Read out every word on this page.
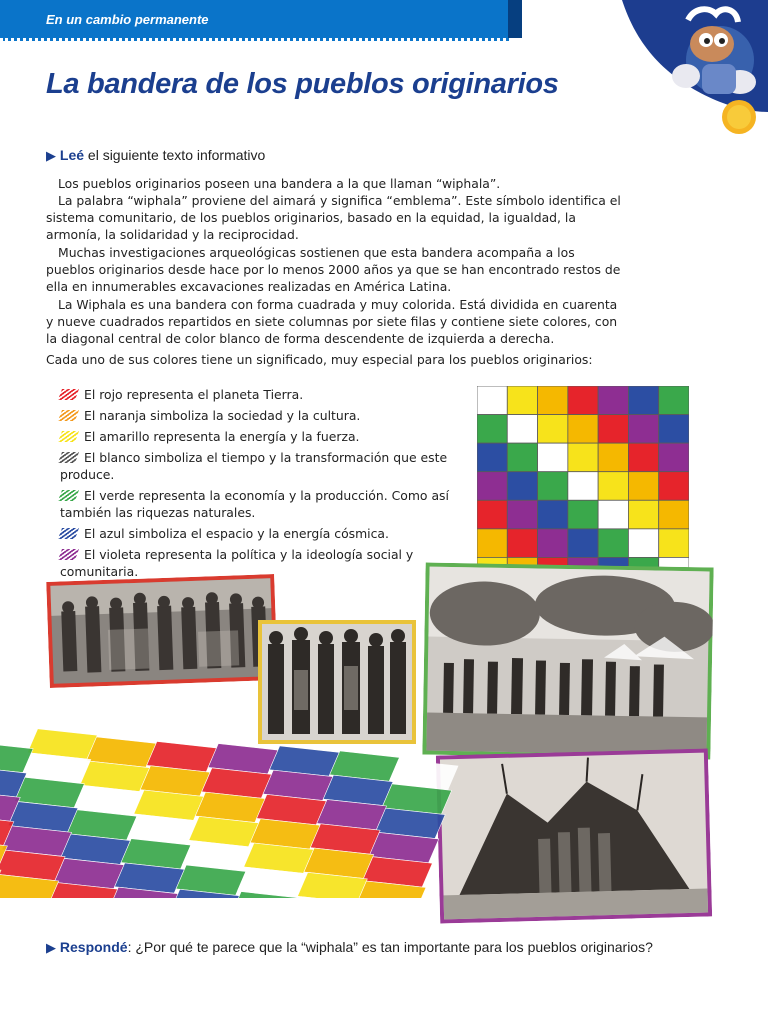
En un cambio permanente
La bandera de los pueblos originarios
▶ Leé el siguiente texto informativo

Los pueblos originarios poseen una bandera a la que llaman “wiphala”.

La palabra “wiphala” proviene del aimará y significa “emblema”. Este símbolo identifica el sistema comunitario, de los pueblos originarios, basado en la equidad, la igualdad, la armonía, la solidaridad y la reciprocidad.

Muchas investigaciones arqueológicas sostienen que esta bandera acompaña a los pueblos originarios desde hace por lo menos 2000 años ya que se han encontrado restos de ella en innumerables excavaciones realizadas en América Latina.

La Wiphala es una bandera con forma cuadrada y muy colorida. Está dividida en cuarenta y nueve cuadrados repartidos en siete columnas por siete filas y contiene siete colores, con la diagonal central de color blanco de forma descendente de izquierda a derecha.

Cada uno de sus colores tiene un significado, muy especial para los pueblos originarios:

El rojo representa el planeta Tierra.
El naranja simboliza la sociedad y la cultura.
El amarillo representa la energía y la fuerza.
El blanco simboliza el tiempo y la transformación que este produce.
El verde representa la economía y la producción. Como así también las riquezas naturales.
El azul simboliza el espacio y la energía cósmica.
El violeta representa la política y la ideología social y comunitaria.
▶ Respondé: ¿Por qué te parece que la “wiphala” es tan importante para los pueblos originarios?
